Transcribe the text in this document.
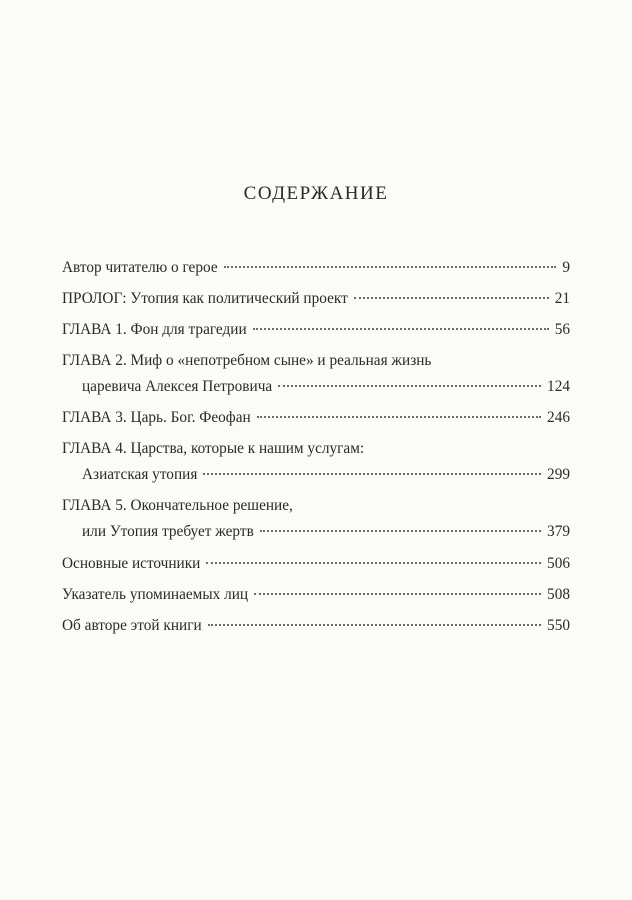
СОДЕРЖАНИЕ
Автор читателю о герое	9
ПРОЛОГ: Утопия как политический проект	21
ГЛАВА 1. Фон для трагедии	56
ГЛАВА 2. Миф о «непотребном сыне» и реальная жизнь
царевича Алексея Петровича	124
ГЛАВА 3. Царь. Бог. Феофан	246
ГЛАВА 4. Царства, которые к нашим услугам:
Азиатская утопия	299
ГЛАВА 5. Окончательное решение,
или Утопия требует жертв	379
Основные источники	506
Указатель упоминаемых лиц	508
Об авторе этой книги	550
